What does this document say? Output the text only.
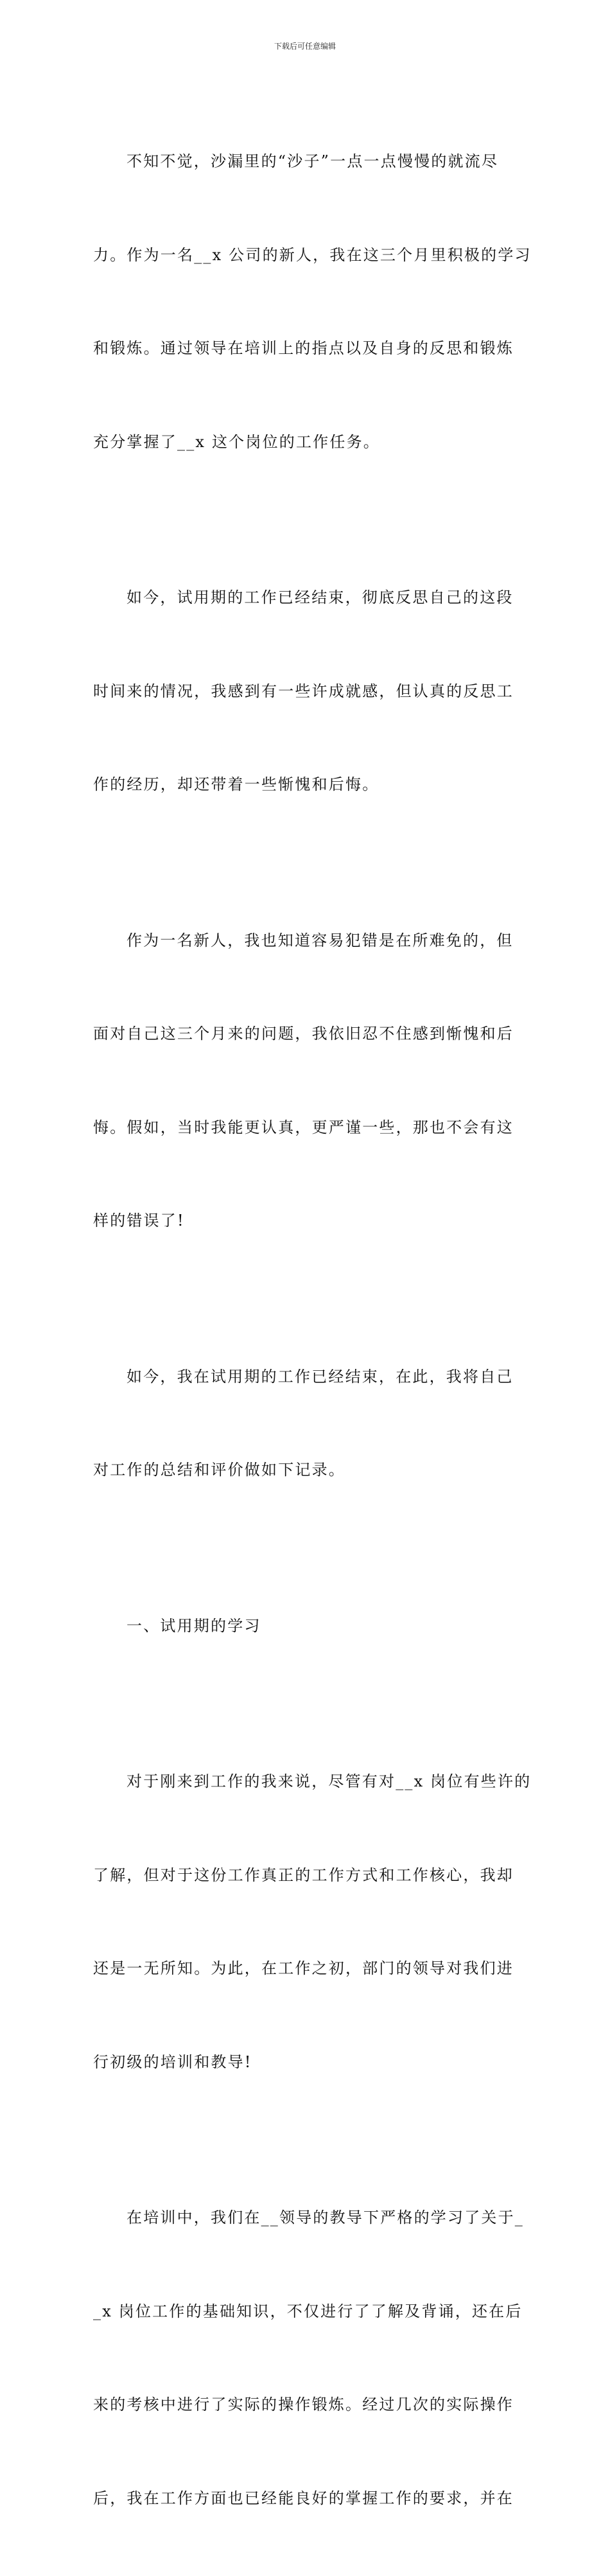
下载后可任意编辑

不知不觉，沙漏里的“沙子”一点一点慢慢的就流尽

力。作为一名__x 公司的新人，我在这三个月里积极的学习

和锻炼。通过领导在培训上的指点以及自身的反思和锻炼

充分掌握了__x 这个岗位的工作任务。

如今，试用期的工作已经结束，彻底反思自己的这段

时间来的情况，我感到有一些许成就感，但认真的反思工

作的经历，却还带着一些惭愧和后悔。

作为一名新人，我也知道容易犯错是在所难免的，但

面对自己这三个月来的问题，我依旧忍不住感到惭愧和后

悔。假如，当时我能更认真，更严谨一些，那也不会有这

样的错误了!

如今，我在试用期的工作已经结束，在此，我将自己

对工作的总结和评价做如下记录。

一、试用期的学习

对于刚来到工作的我来说，尽管有对__x 岗位有些许的

了解，但对于这份工作真正的工作方式和工作核心，我却

还是一无所知。为此，在工作之初，部门的领导对我们进

行初级的培训和教导!

在培训中，我们在__领导的教导下严格的学习了关于_

_x 岗位工作的基础知识，不仅进行了了解及背诵，还在后

来的考核中进行了实际的操作锻炼。经过几次的实际操作

后，我在工作方面也已经能良好的掌握工作的要求，并在
